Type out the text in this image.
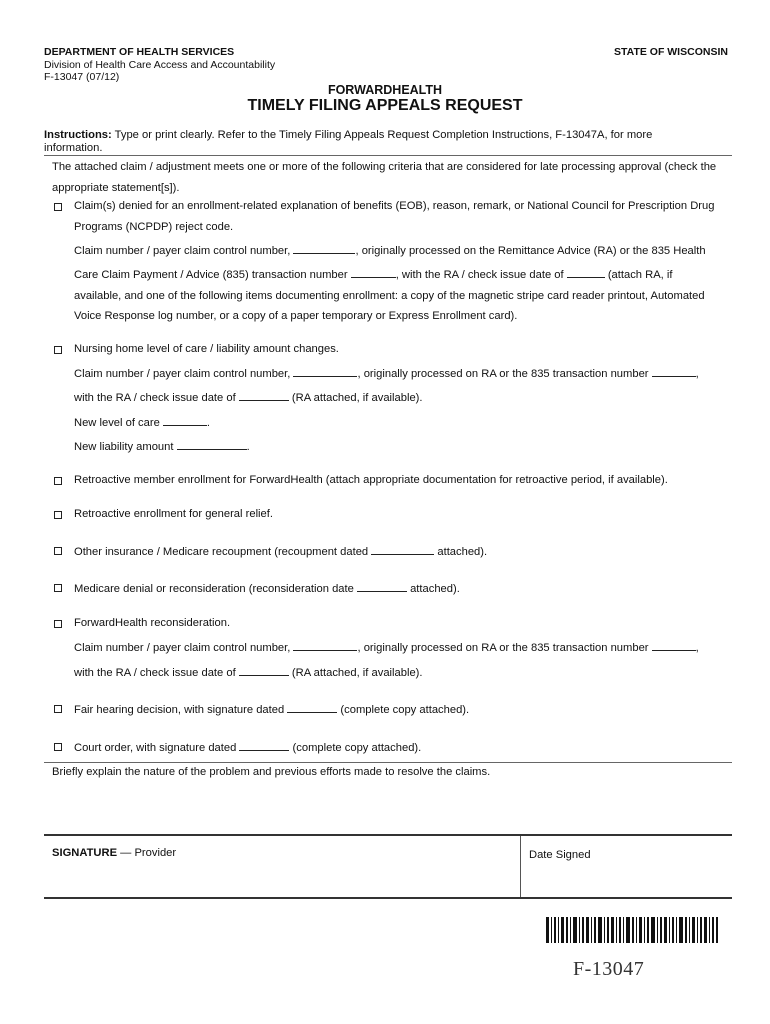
DEPARTMENT OF HEALTH SERVICES
Division of Health Care Access and Accountability
F-13047 (07/12)
STATE OF WISCONSIN
FORWARDHEALTH
TIMELY FILING APPEALS REQUEST
Instructions: Type or print clearly. Refer to the Timely Filing Appeals Request Completion Instructions, F-13047A, for more
information.
The attached claim / adjustment meets one or more of the following criteria that are considered for late processing approval (check the
appropriate statement[s]).
Claim(s) denied for an enrollment-related explanation of benefits (EOB), reason, remark, or National Council for Prescription Drug
Programs (NCPDP) reject code.
Claim number / payer claim control number,	, originally processed on the Remittance Advice (RA) or the 835 Health
Care Claim Payment / Advice (835) transaction number	, with the RA / check issue date of	(attach RA, if
available, and one of the following items documenting enrollment: a copy of the magnetic stripe card reader printout, Automated
Voice Response log number, or a copy of a paper temporary or Express Enrollment card).
Nursing home level of care / liability amount changes.
Claim number / payer claim control number,	, originally processed on RA or the 835 transaction number	,
with the RA / check issue date of	(RA attached, if available).
New level of care	.
New liability amount	.
Retroactive member enrollment for ForwardHealth (attach appropriate documentation for retroactive period, if available).
Retroactive enrollment for general relief.
Other insurance / Medicare recoupment (recoupment dated	attached).
Medicare denial or reconsideration (reconsideration date	attached).
ForwardHealth reconsideration.
Claim number / payer claim control number,	, originally processed on RA or the 835 transaction number	,
with the RA / check issue date of	(RA attached, if available).
Fair hearing decision, with signature dated	(complete copy attached).
Court order, with signature dated	(complete copy attached).
Briefly explain the nature of the problem and previous efforts made to resolve the claims.
SIGNATURE — Provider	Date Signed
F-13047
